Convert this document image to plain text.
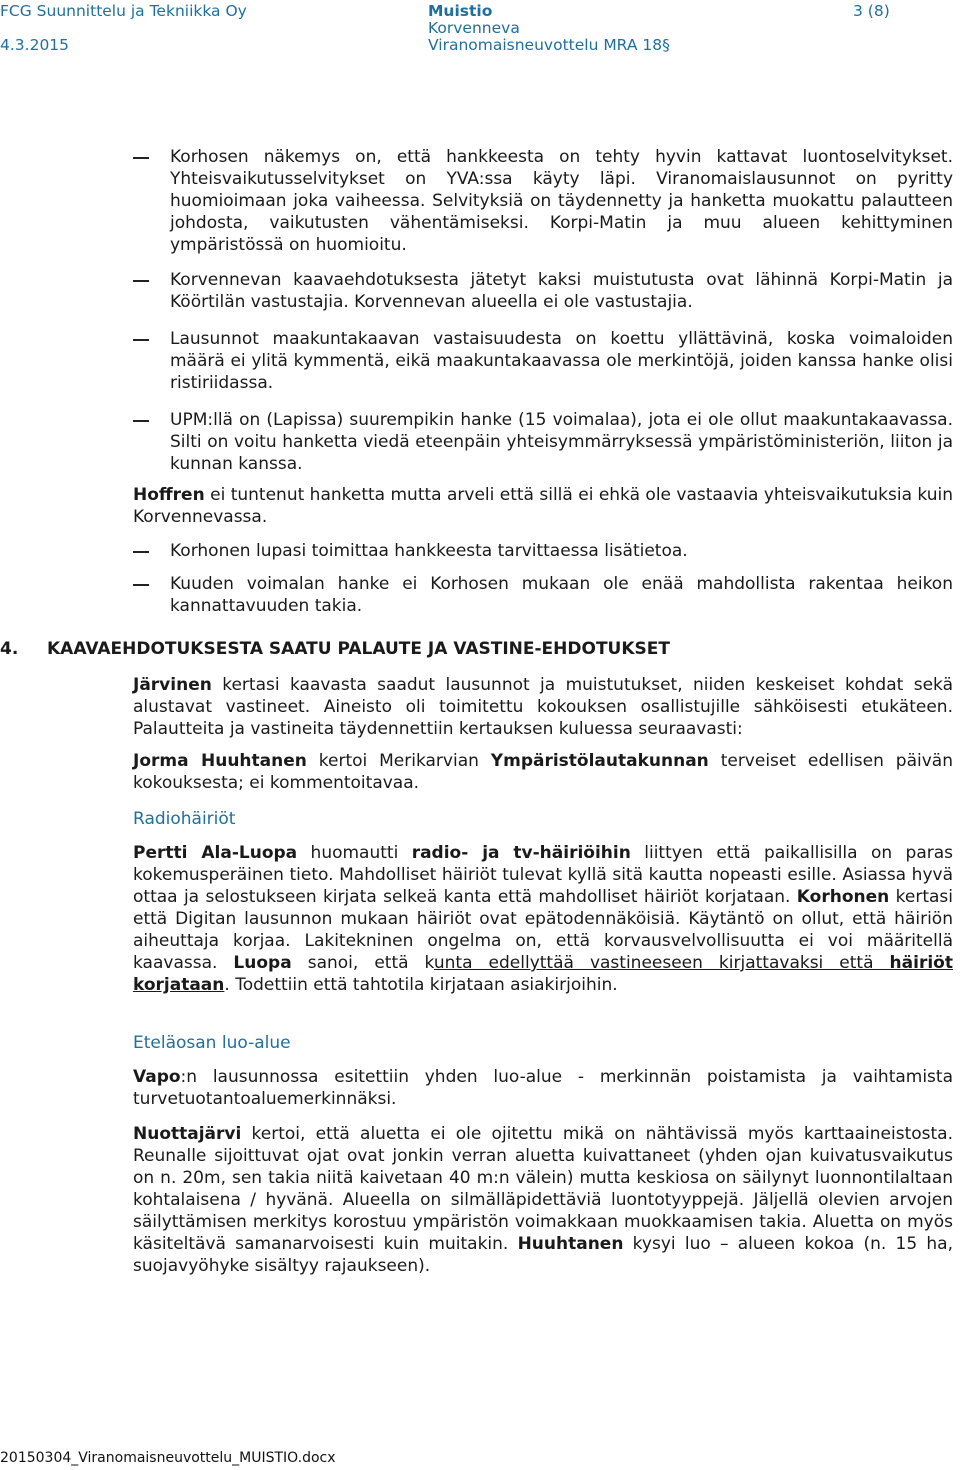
FCG Suunnittelu ja Tekniikka Oy
4.3.2015
Muistio
Korvenneva
Viranomaisneuvottelu MRA 18§
3 (8)
Korhosen näkemys on, että hankkeesta on tehty hyvin kattavat luontoselvitykset. Yhteisvaikutusselvitykset on YVA:ssa käyty läpi. Viranomaislausunnot on pyritty huomioimaan joka vaiheessa. Selvityksiä on täydennetty ja hanketta muokattu palautteen johdosta, vaikutusten vähentämiseksi. Korpi-Matin ja muu alueen kehittyminen ympäristössä on huomioitu.
Korvennevan kaavaehdotuksesta jätetyt kaksi muistutusta ovat lähinnä Korpi-Matin ja Köörtilän vastustajia. Korvennevan alueella ei ole vastustajia.
Lausunnot maakuntakaavan vastaisuudesta on koettu yllättävinä, koska voimaloiden määrä ei ylitä kymmentä, eikä maakuntakaavassa ole merkintöjä, joiden kanssa hanke olisi ristiriidassa.
UPM:llä on (Lapissa) suurempikin hanke (15 voimalaa), jota ei ole ollut maakuntakaavassa. Silti on voitu hanketta viedä eteenpäin yhteisymmärryksessä ympäristöministeriön, liiton ja kunnan kanssa.
Hoffren ei tuntenut hanketta mutta arveli että sillä ei ehkä ole vastaavia yhteisvaikutuksia kuin Korvennevassa.
Korhonen lupasi toimittaa hankkeesta tarvittaessa lisätietoa.
Kuuden voimalan hanke ei Korhosen mukaan ole enää mahdollista rakentaa heikon kannattavuuden takia.
4. KAAVAEHDOTUKSESTA SAATU PALAUTE JA VASTINE-EHDOTUKSET
Järvinen kertasi kaavasta saadut lausunnot ja muistutukset, niiden keskeiset kohdat sekä alustavat vastineet. Aineisto oli toimitettu kokouksen osallistujille sähköisesti etukäteen. Palautteita ja vastineita täydennettiin kertauksen kuluessa seuraavasti:
Jorma Huuhtanen kertoi Merikarvian Ympäristölautakunnan terveiset edellisen päivän kokouksesta; ei kommentoitavaa.
Radiohäiriöt
Pertti Ala-Luopa huomautti radio- ja tv-häiriöihin liittyen että paikallisilla on paras kokemusperäinen tieto. Mahdolliset häiriöt tulevat kyllä sitä kautta nopeasti esille. Asiassa hyvä ottaa ja selostukseen kirjata selkeä kanta että mahdolliset häiriöt korjataan. Korhonen kertasi että Digitan lausunnon mukaan häiriöt ovat epätodennäköisiä. Käytäntö on ollut, että häiriön aiheuttaja korjaa. Lakitekninen ongelma on, että korvausvelvollisuutta ei voi määritellä kaavassa. Luopa sanoi, että kunta edellyttää vastineeseen kirjattavaksi että häiriöt korjataan. Todettiin että tahtotila kirjataan asiakirjoihin.
Eteläosan luo-alue
Vapo:n lausunnossa esitettiin yhden luo-alue - merkinnän poistamista ja vaihtamista turvetuotantoaluemerkinnäksi.
Nuottajärvi kertoi, että aluetta ei ole ojitettu mikä on nähtävissä myös karttaaineistosta. Reunalle sijoittuvat ojat ovat jonkin verran aluetta kuivattaneet (yhden ojan kuivatusvaikutus on n. 20m, sen takia niitä kaivetaan 40 m:n välein) mutta keskiosa on säilynyt luonnontilaltaan kohtalaisena / hyvänä. Alueella on silmälläpidettäviä luontotyyppejä. Jäljellä olevien arvojen säilyttämisen merkitys korostuu ympäristön voimakkaan muokkaamisen takia. Aluetta on myös käsiteltävä samanarvoisesti kuin muitakin. Huuhtanen kysyi luo – alueen kokoa (n. 15 ha, suojavyöhyke sisältyy rajaukseen).
20150304_Viranomaisneuvottelu_MUISTIO.docx
